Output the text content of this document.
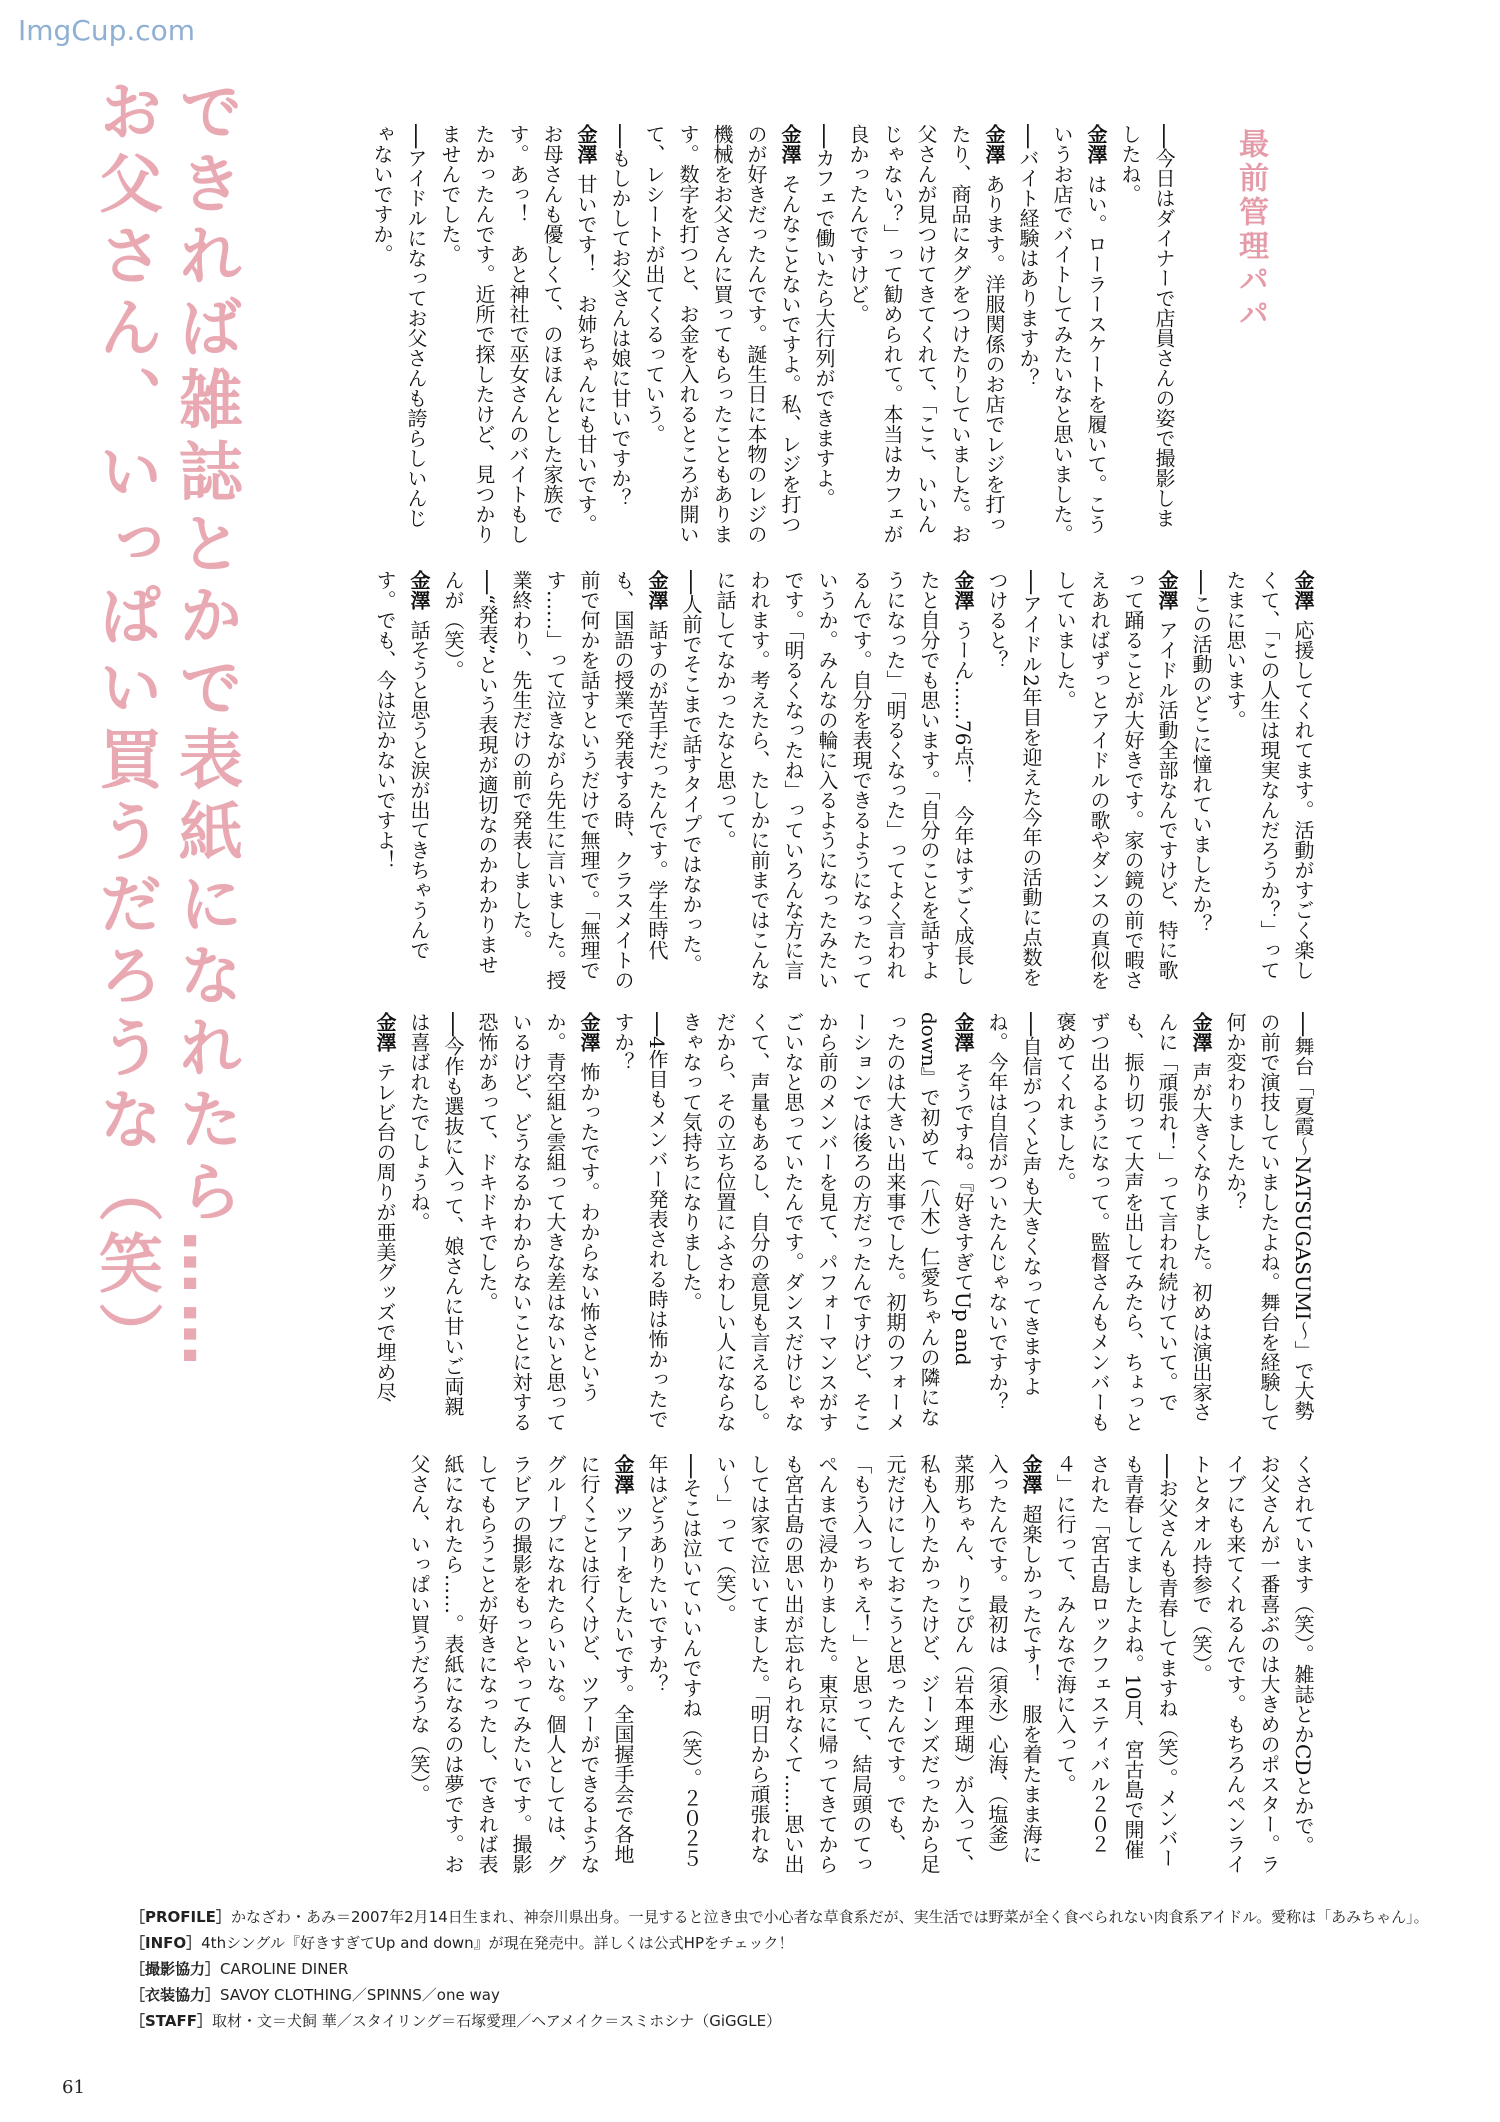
ImgCup.com
できれば雑誌とかで表紙になれたら……
お父さん、いっぱい買うだろうな（笑）	最前管理パパ
──今日はダイナーで店員さんの姿で撮影しましたね。
金澤はい。ローラースケートを履いて。こういうお店でバイトしてみたいなと思いました。
──バイト経験はありますか？
金澤あります。洋服関係のお店でレジを打ったり、商品にタグをつけたりしていました。お父さんが見つけてきてくれて、「ここ、いいんじゃない？」って勧められて。本当はカフェが良かったんですけど。
──カフェで働いたら大行列ができますよ。
金澤そんなことないですよ。私、レジを打つのが好きだったんです。誕生日に本物のレジの機械をお父さんに買ってもらったこともあります。数字を打つと、お金を入れるところが開いて、レシートが出てくるっていう。
──もしかしてお父さんは娘に甘いですか？
金澤甘いです！　お姉ちゃんにも甘いです。お母さんも優しくて、のほほんとした家族です。あっ！　あと神社で巫女さんのバイトもしたかったんです。近所で探したけど、見つかりませんでした。
──アイドルになってお父さんも誇らしいんじゃないですか。
金澤応援してくれてます。活動がすごく楽しくて、「この人生は現実なんだろうか？」ってたまに思います。
──この活動のどこに憧れていましたか？
金澤アイドル活動全部なんですけど、特に歌って踊ることが大好きです。家の鏡の前で暇さえあればずっとアイドルの歌やダンスの真似をしていました。
──アイドル2年目を迎えた今年の活動に点数をつけると？
金澤うーん……76点！　今年はすごく成長したと自分でも思います。「自分のことを話すようになった」「明るくなった」ってよく言われるんです。自分を表現できるようになったっていうか。みんなの輪に入るようになったみたいです。「明るくなったね」っていろんな方に言われます。考えたら、たしかに前まではこんなに話してなかったなと思って。
──人前でそこまで話すタイプではなかった。
金澤話すのが苦手だったんです。学生時代も、国語の授業で発表する時、クラスメイトの前で何かを話すというだけで無理で。「無理です……」って泣きながら先生に言いました。授業終わり、先生だけの前で発表しました。
──“発表”という表現が適切なのかわかりませんが（笑）。
金澤話そうと思うと涙が出てきちゃうんです。でも、今は泣かないですよ！
──舞台「夏霞〜NATSUGASUMI〜」で大勢の前で演技していましたよね。舞台を経験して何か変わりましたか？
金澤声が大きくなりました。初めは演出家さんに「頑張れ！」って言われ続けていて。でも、振り切って大声を出してみたら、ちょっとずつ出るようになって。監督さんもメンバーも褒めてくれました。
──自信がつくと声も大きくなってきますよね。今年は自信がついたんじゃないですか？
金澤そうですね。『好きすぎてUp and down』で初めて（八木）仁愛ちゃんの隣になったのは大きい出来事でした。初期のフォーメーションでは後ろの方だったんですけど、そこから前のメンバーを見て、パフォーマンスがすごいなと思っていたんです。ダンスだけじゃなくて、声量もあるし、自分の意見も言えるし。だから、その立ち位置にふさわしい人にならなきゃなって気持ちになりました。
──4作目もメンバー発表される時は怖かったですか？
金澤怖かったです。わからない怖さというか。青空組と雲組って大きな差はないと思っているけど、どうなるかわからないことに対する恐怖があって、ドキドキでした。
──今作も選抜に入って、娘さんに甘いご両親は喜ばれたでしょうね。
金澤テレビ台の周りが亜美グッズで埋め尽
くされています（笑）。雑誌とかCDとかで。お父さんが一番喜ぶのは大きめのポスター。ライブにも来てくれるんです。もちろんペンライトとタオル持参で（笑）。
──お父さんも青春してますね（笑）。メンバーも青春してましたよね。10月、宮古島で開催された「宮古島ロックフェスティバル２０２４」に行って、みんなで海に入って。
金澤超楽しかったです！　服を着たまま海に入ったんです。最初は（須永）心海、（塩釜）菜那ちゃん、りこぴん（岩本理瑚）が入って、私も入りたかったけど、ジーンズだったから足元だけにしておこうと思ったんです。でも、「もう入っちゃえ！」と思って、結局頭のてっぺんまで浸かりました。東京に帰ってきてからも宮古島の思い出が忘れられなくて……思い出しては家で泣いてました。「明日から頑張れない〜」って（笑）。
──そこは泣いていいんですね（笑）。２０２５年はどうありたいですか？
金澤ツアーをしたいです。全国握手会で各地に行くことは行くけど、ツアーができるようなグループになれたらいいな。個人としては、グラビアの撮影をもっとやってみたいです。撮影してもらうことが好きになったし、できれば表紙になれたら……。表紙になるのは夢です。お父さん、いっぱい買うだろうな（笑）。
［PROFILE］かなざわ・あみ＝2007年2月14日生まれ、神奈川県出身。一見すると泣き虫で小心者な草食系だが、実生活では野菜が全く食べられない肉食系アイドル。愛称は「あみちゃん」。
［INFO］4thシングル『好きすぎてUp and down』が現在発売中。詳しくは公式HPをチェック！
［撮影協力］CAROLINE DINER
［衣装協力］SAVOY CLOTHING／SPINNS／one way
［STAFF］取材・文＝犬飼 華／スタイリング＝石塚愛理／ヘアメイク＝スミホシナ（GiGGLE）
61
